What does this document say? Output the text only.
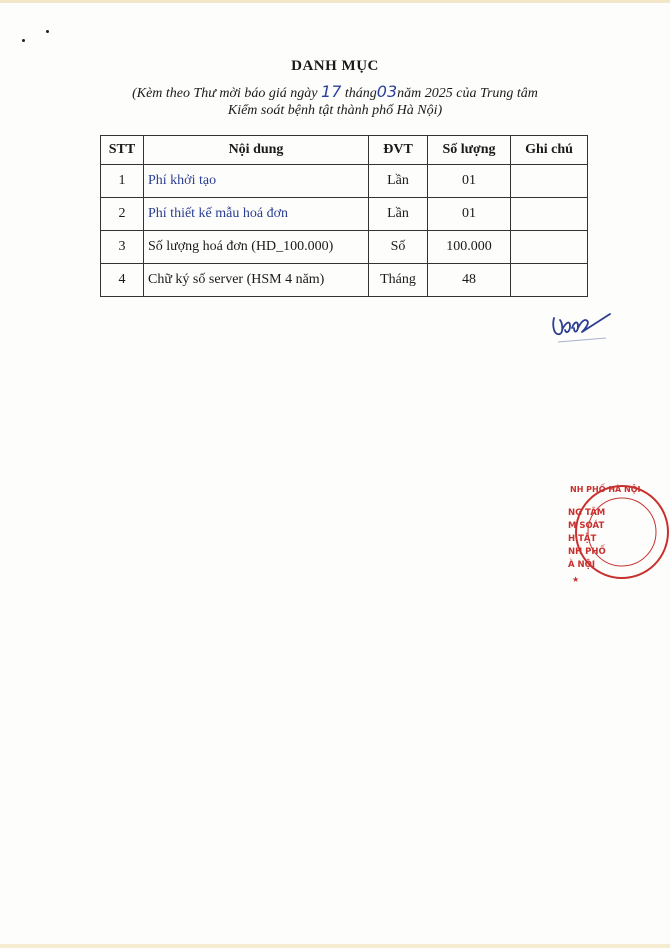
DANH MỤC
(Kèm theo Thư mời báo giá ngày 17 tháng03năm 2025 của Trung tâm
Kiểm soát bệnh tật thành phố Hà Nội)
STT	Nội dung	ĐVT	Số lượng	Ghi chú
1	Phí khởi tạo	Lần	01	
2	Phí thiết kế mẫu hoá đơn	Lần	01	
3	Số lượng hoá đơn (HD_100.000)	Số	100.000	
4	Chữ ký số server (HSM 4 năm)	Tháng	48	
NH PHỐ HÀ NỘI
NG TÂM
M SOÁT
H TẬT
NH PHỐ
À NỘI
★
